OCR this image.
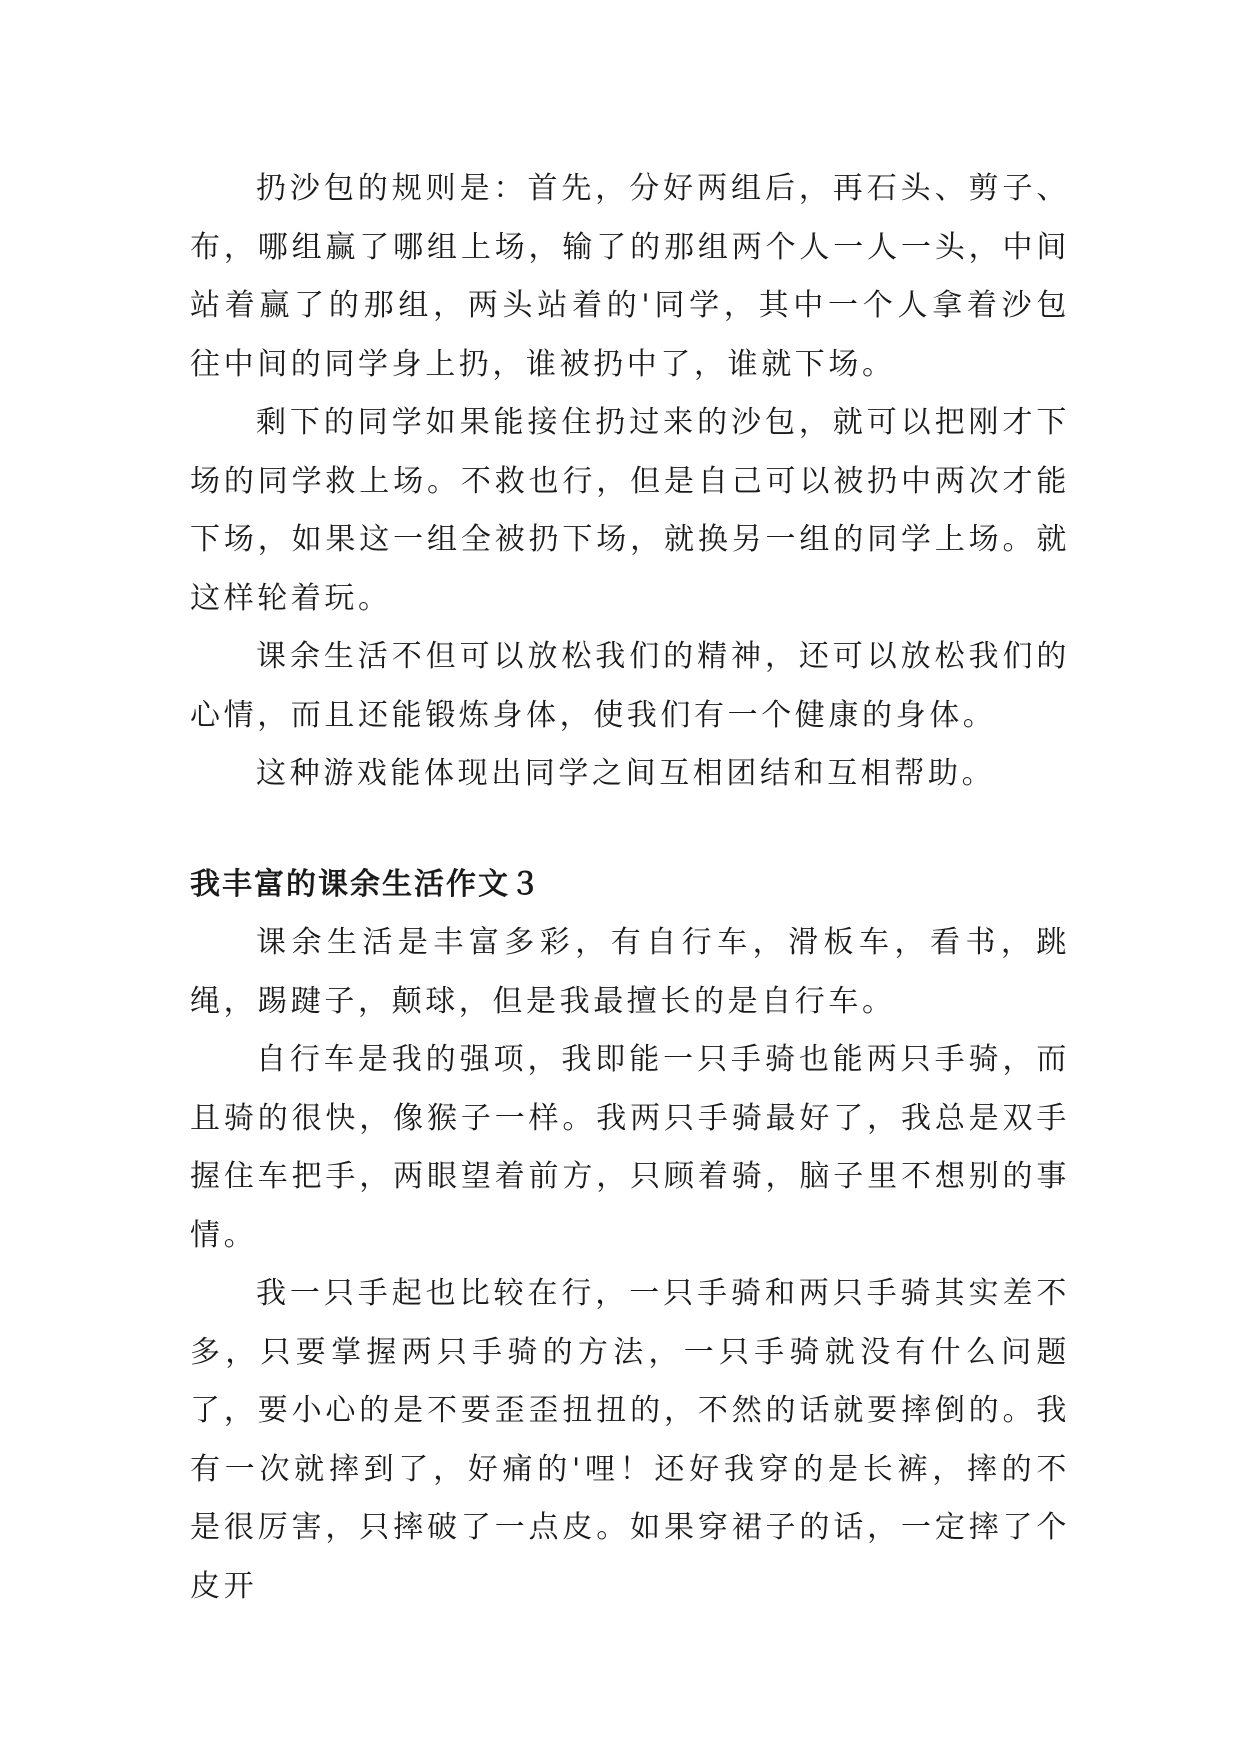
扔沙包的规则是：首先，分好两组后，再石头、剪子、布，哪组赢了哪组上场，输了的那组两个人一人一头，中间站着赢了的那组，两头站着的'同学，其中一个人拿着沙包往中间的同学身上扔，谁被扔中了，谁就下场。

剩下的同学如果能接住扔过来的沙包，就可以把刚才下场的同学救上场。不救也行，但是自己可以被扔中两次才能下场，如果这一组全被扔下场，就换另一组的同学上场。就这样轮着玩。

课余生活不但可以放松我们的精神，还可以放松我们的心情，而且还能锻炼身体，使我们有一个健康的身体。

这种游戏能体现出同学之间互相团结和互相帮助。

我丰富的课余生活作文３

课余生活是丰富多彩，有自行车，滑板车，看书，跳绳，踢踺子，颠球，但是我最擅长的是自行车。

自行车是我的强项，我即能一只手骑也能两只手骑，而且骑的很快，像猴子一样。我两只手骑最好了，我总是双手握住车把手，两眼望着前方，只顾着骑，脑子里不想别的事情。

我一只手起也比较在行，一只手骑和两只手骑其实差不多，只要掌握两只手骑的方法，一只手骑就没有什么问题了，要小心的是不要歪歪扭扭的，不然的话就要摔倒的。我有一次就摔到了，好痛的'哩！还好我穿的是长裤，摔的不是很厉害，只摔破了一点皮。如果穿裙子的话，一定摔了个皮开
